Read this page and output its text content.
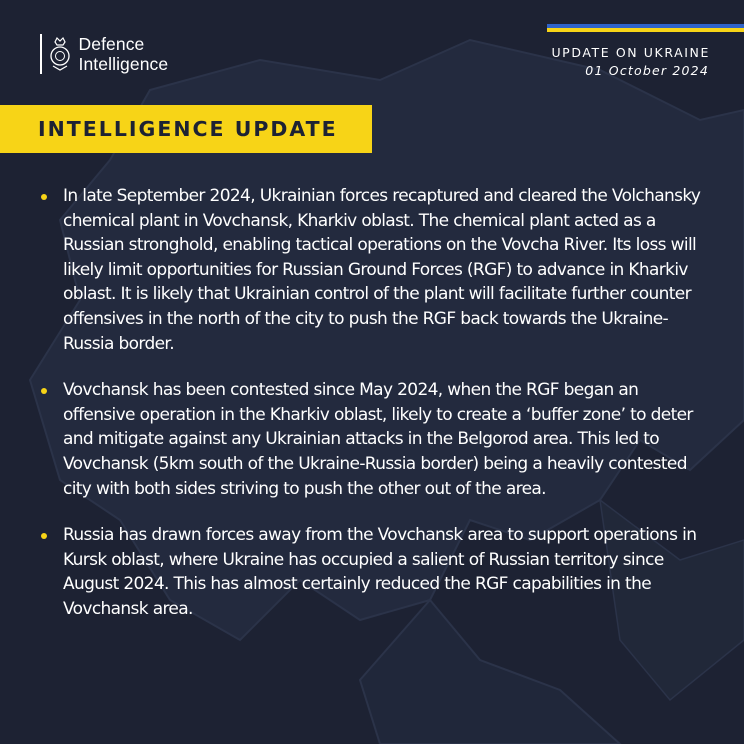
Defence
Intelligence
UPDATE ON UKRAINE
01 October 2024
INTELLIGENCE UPDATE
In late September 2024, Ukrainian forces recaptured and cleared the Volchansky chemical plant in Vovchansk, Kharkiv oblast. The chemical plant acted as a Russian stronghold, enabling tactical operations on the Vovcha River. Its loss will likely limit opportunities for Russian Ground Forces (RGF) to advance in Kharkiv oblast. It is likely that Ukrainian control of the plant will facilitate further counter offensives in the north of the city to push the RGF back towards the Ukraine-Russia border.
Vovchansk has been contested since May 2024, when the RGF began an offensive operation in the Kharkiv oblast, likely to create a ‘buffer zone’ to deter and mitigate against any Ukrainian attacks in the Belgorod area. This led to Vovchansk (5km south of the Ukraine-Russia border) being a heavily contested city with both sides striving to push the other out of the area.
Russia has drawn forces away from the Vovchansk area to support operations in Kursk oblast, where Ukraine has occupied a salient of Russian territory since August 2024. This has almost certainly reduced the RGF capabilities in the Vovchansk area.
